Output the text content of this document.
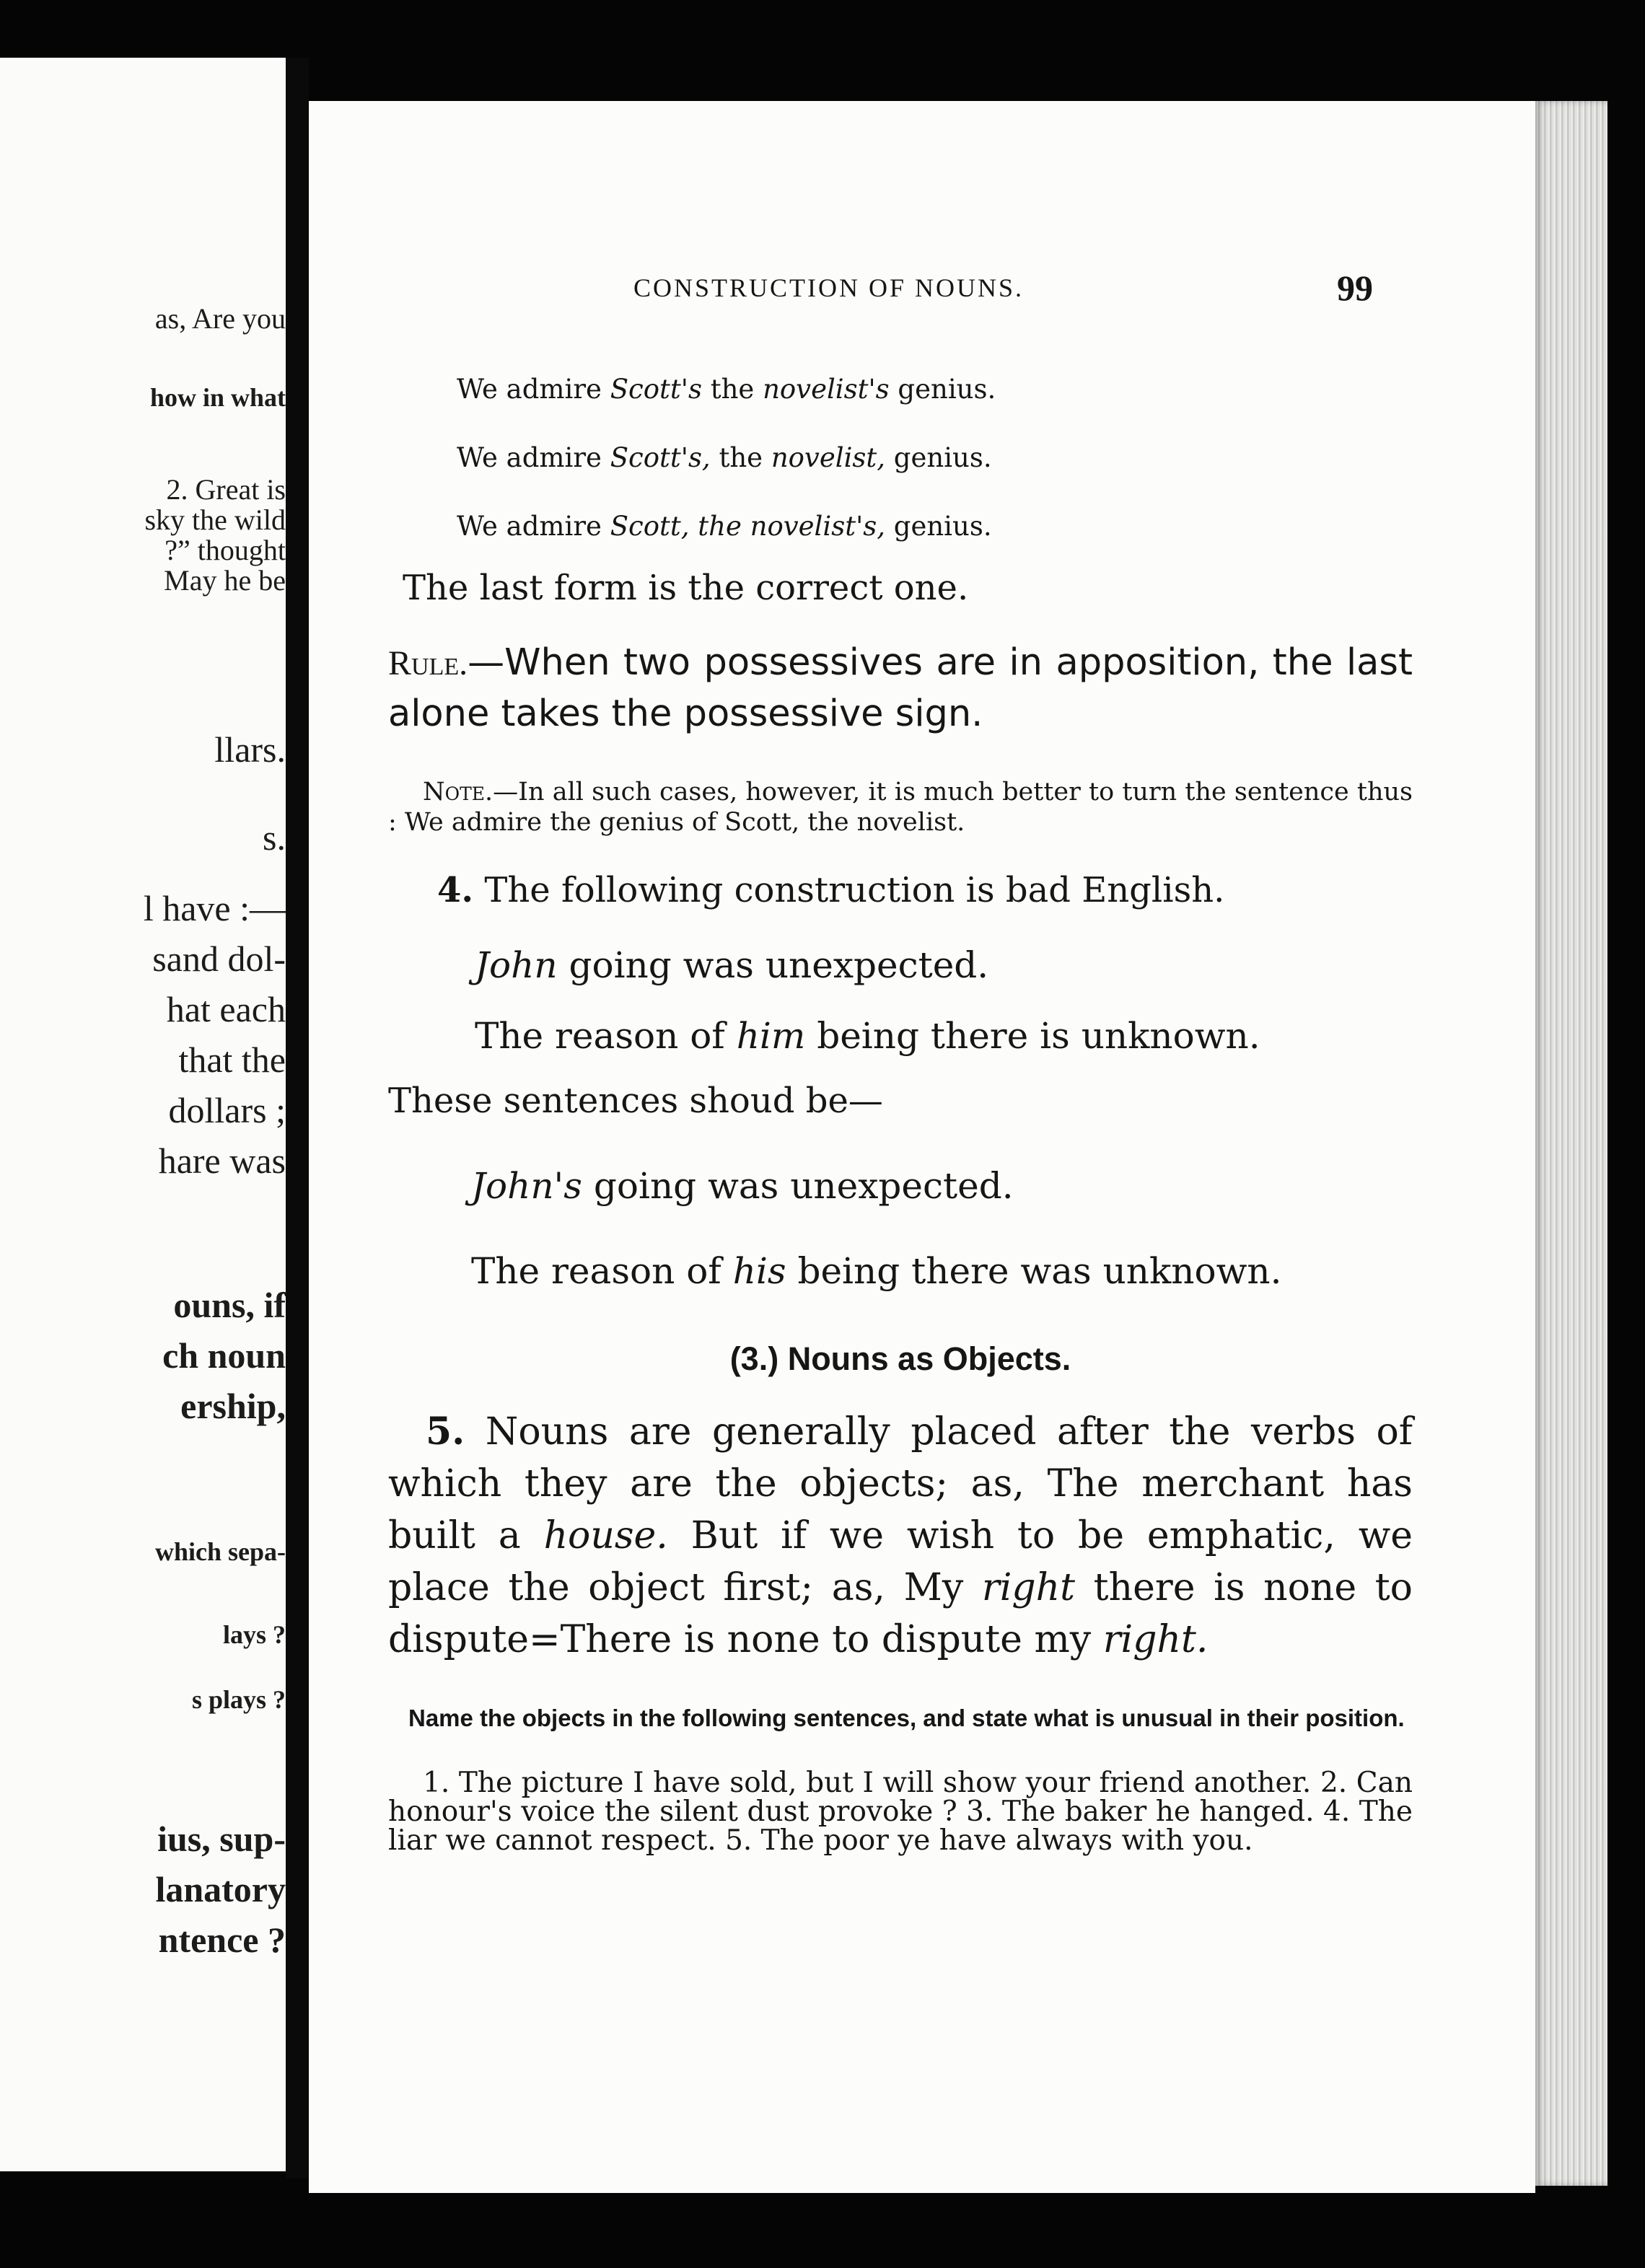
as, Are you
how in what
2. Great is
sky the wild
?” thought
May he be
llars.
s.
l have :—
sand dol-
hat each
that the
dollars ;
hare was
ouns, if
ch noun
ership,
which sepa-
lays ?
s plays ?
ius, sup-
lanatory
ntence ?
CONSTRUCTION OF NOUNS.	99

We admire Scott's the novelist's genius.

We admire Scott's, the novelist, genius.

We admire Scott, the novelist's, genius.

The last form is the correct one.

Rule.—When two possessives are in apposition, the last alone takes the possessive sign.

Note.—In all such cases, however, it is much better to turn the sentence thus : We admire the genius of Scott, the novelist.

4. The following construction is bad English.

John going was unexpected.

The reason of him being there is unknown.

These sentences shoud be—

John's going was unexpected.

The reason of his being there was unknown.

(3.) Nouns as Objects.

5. Nouns are generally placed after the verbs of which they are the objects; as, The merchant has built a house. But if we wish to be emphatic, we place the object first; as, My right there is none to dispute=There is none to dispute my right.

Name the objects in the following sentences, and state what is unusual in their position.

1. The picture I have sold, but I will show your friend another. 2. Can honour's voice the silent dust provoke ? 3. The baker he hanged. 4. The liar we cannot respect. 5. The poor ye have always with you.
